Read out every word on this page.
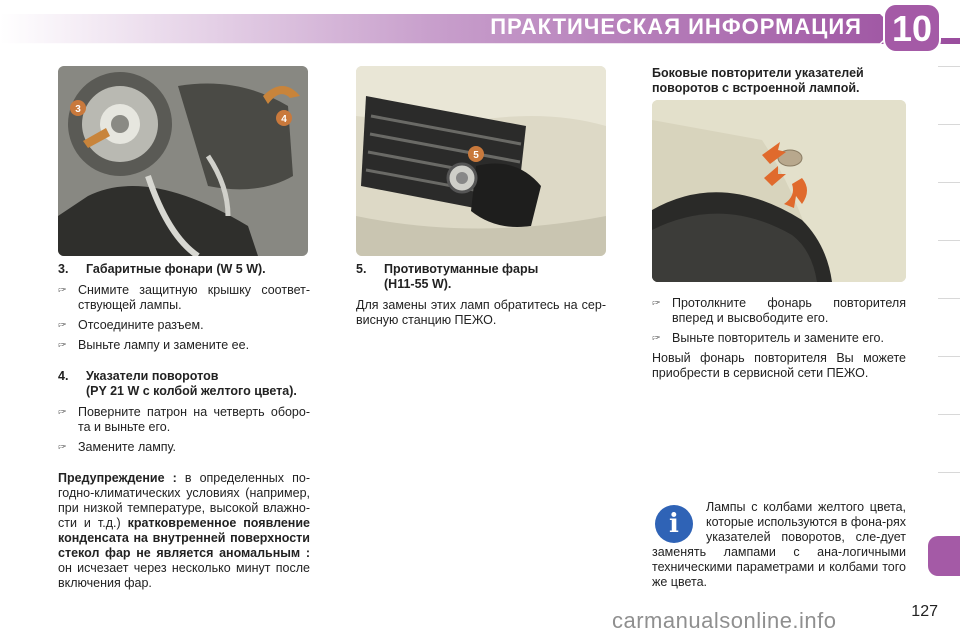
ПРАКТИЧЕСКАЯ ИНФОРМАЦИЯ 10
3
4
5

3.	Габаритные фонари (W 5 W).

🖙 Снимите защитную крышку соответ-ствующей лампы.
🖙 Отсоедините разъем.
🖙 Выньте лампу и замените ее.
4.	Указатели поворотов
(PY 21 W с колбой желтого цвета).
🖙 Поверните патрон на четверть оборо-та и выньте его.
🖙 Замените лампу.

Предупреждение : в определенных по-годно-климатических условиях (например, при низкой температуре, высокой влажно-сти и т.д.) кратковременное появление конденсата на внутренней поверхности стекол фар не является аномальным : он исчезает через несколько минут после включения фар.

5.	Противотуманные фары
(H11-55 W).

Для замены этих ламп обратитесь на сер-висную станцию ПЕЖО.

Боковые повторители указателей поворотов с встроенной лампой.

🖙 Протолкните фонарь повторителя вперед и высвободите его.
🖙 Выньте повторитель и замените его.

Новый фонарь повторителя Вы можете приобрести в сервисной сети ПЕЖО.

i
Лампы с колбами желтого цвета, которые используются в фона-рях указателей поворотов, сле-дует заменять лампами с ана-логичными техническими параметрами и колбами того же цвета.
carmanualsonline.info	127
